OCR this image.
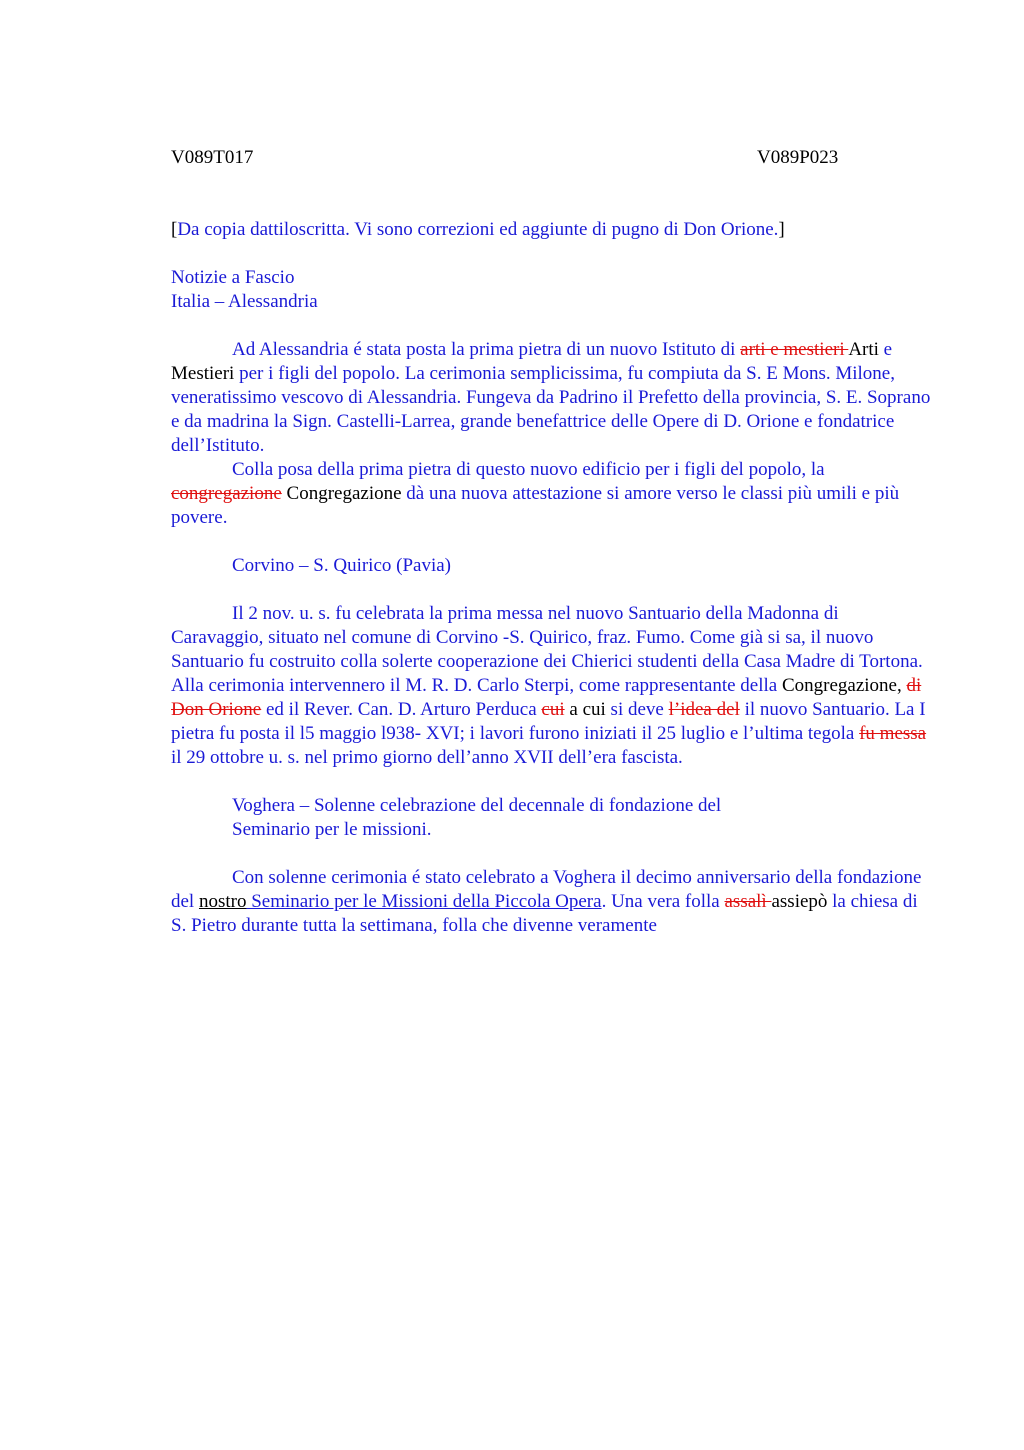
V089T017	V089P023

[Da copia dattiloscritta. Vi sono correzioni ed aggiunte di pugno di Don Orione.]

Notizie a Fascio

Italia – Alessandria

Ad Alessandria é stata posta la prima pietra di un nuovo Istituto di arti e mestieri Arti e Mestieri per i figli del popolo. La cerimonia semplicissima, fu compiuta da S. E Mons. Milone, veneratissimo vescovo di Alessandria. Fungeva da Padrino il Prefetto della provincia, S. E. Soprano e da madrina la Sign. Castelli-Larrea, grande benefattrice delle Opere di D. Orione e fondatrice dell’Istituto.

Colla posa della prima pietra di questo nuovo edificio per i figli del popolo, la congregazione Congregazione dà una nuova attestazione si amore verso le classi più umili e più povere.

Corvino – S. Quirico (Pavia)

Il 2 nov. u. s. fu celebrata la prima messa nel nuovo Santuario della Madonna di Caravaggio, situato nel comune di Corvino -S. Quirico, fraz. Fumo. Come già si sa, il nuovo Santuario fu costruito colla solerte cooperazione dei Chierici studenti della Casa Madre di Tortona. Alla cerimonia intervennero il M. R. D. Carlo Sterpi, come rappresentante della Congregazione, di Don Orione ed il Rever. Can. D. Arturo Perduca cui a cui si deve l’idea del il nuovo Santuario. La I pietra fu posta il l5 maggio l938- XVI; i lavori furono iniziati il 25 luglio e l’ultima tegola fu messa il 29 ottobre u. s. nel primo giorno dell’anno XVII dell’era fascista.

Voghera – Solenne celebrazione del decennale di fondazione del

Seminario per le missioni.

Con solenne cerimonia é stato celebrato a Voghera il decimo anniversario della fondazione del nostro Seminario per le Missioni della Piccola Opera. Una vera folla assalì assiepò la chiesa di S. Pietro durante tutta la settimana, folla che divenne veramente
